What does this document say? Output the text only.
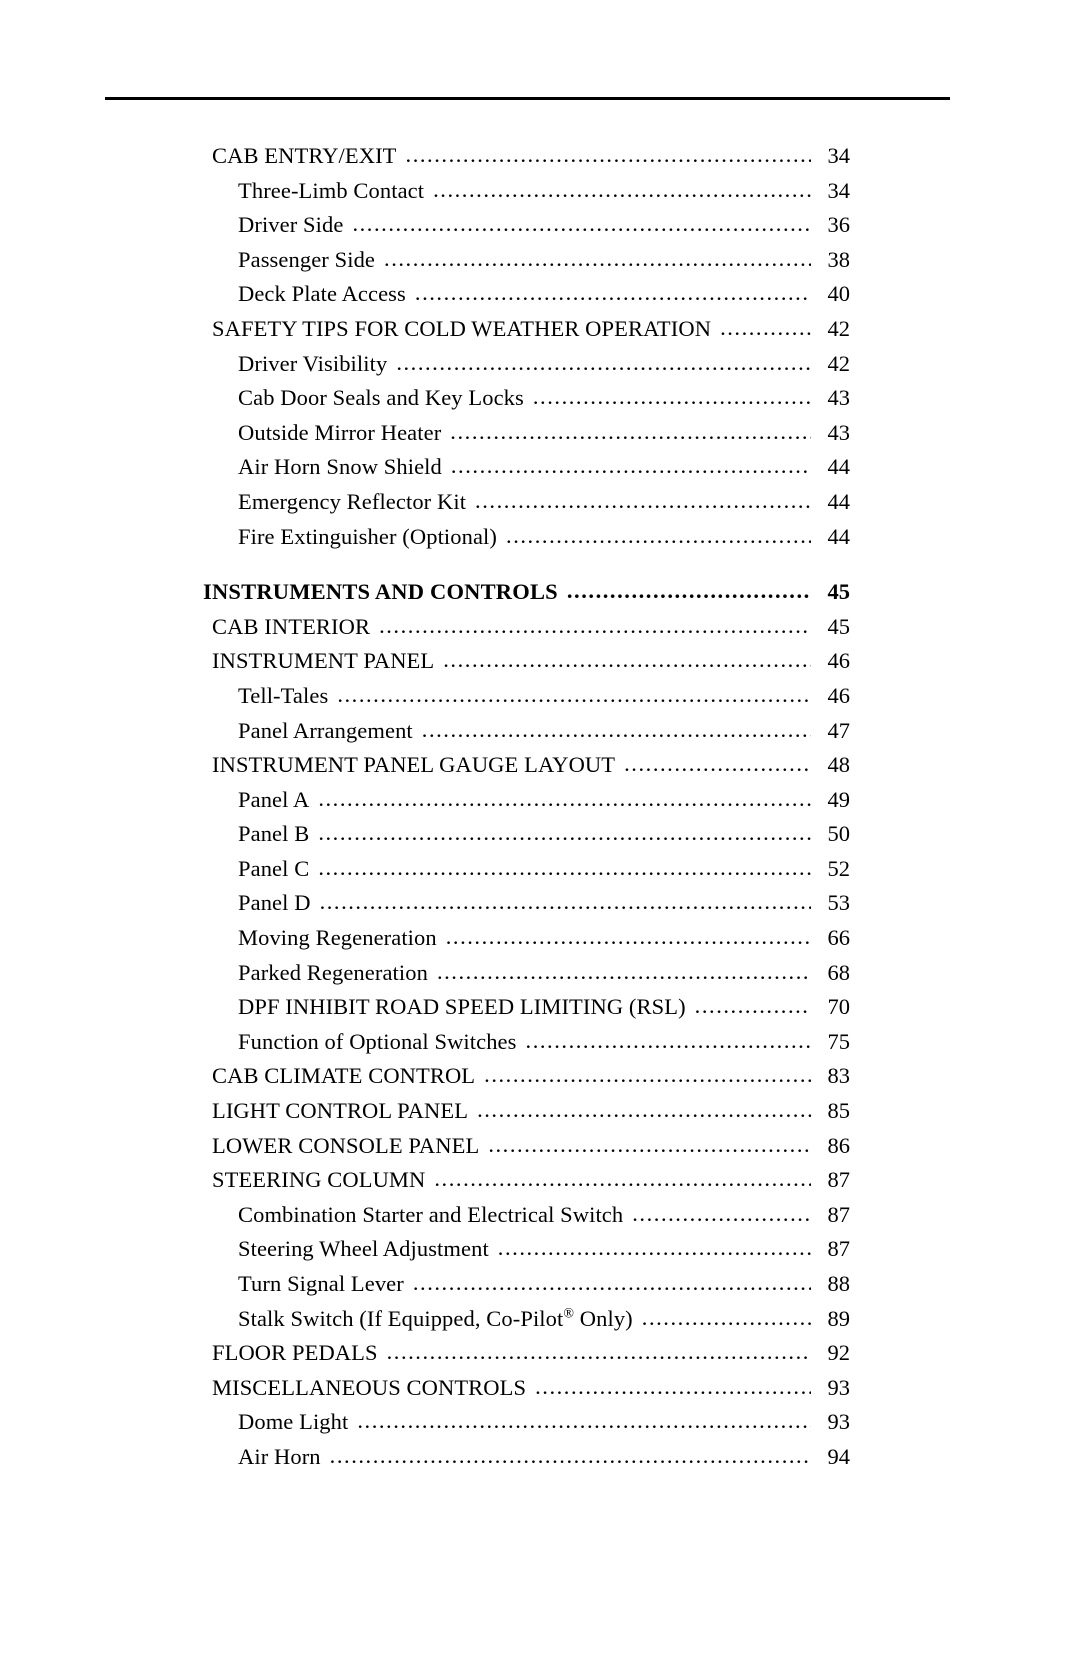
CAB ENTRY/EXIT .....	34
Three-Limb Contact .....	34
Driver Side .....	36
Passenger Side .....	38
Deck Plate Access .....	40
SAFETY TIPS FOR COLD WEATHER OPERATION .....	42
Driver Visibility .....	42
Cab Door Seals and Key Locks .....	43
Outside Mirror Heater .....	43
Air Horn Snow Shield .....	44
Emergency Reflector Kit .....	44
Fire Extinguisher (Optional) .....	44
INSTRUMENTS AND CONTROLS .....	45
CAB INTERIOR .....	45
INSTRUMENT PANEL .....	46
Tell-Tales .....	46
Panel Arrangement .....	47
INSTRUMENT PANEL GAUGE LAYOUT .....	48
Panel A .....	49
Panel B .....	50
Panel C .....	52
Panel D .....	53
Moving Regeneration .....	66
Parked Regeneration .....	68
DPF INHIBIT ROAD SPEED LIMITING (RSL) .....	70
Function of Optional Switches .....	75
CAB CLIMATE CONTROL .....	83
LIGHT CONTROL PANEL .....	85
LOWER CONSOLE PANEL .....	86
STEERING COLUMN .....	87
Combination Starter and Electrical Switch .....	87
Steering Wheel Adjustment .....	87
Turn Signal Lever .....	88
Stalk Switch (If Equipped, Co-Pilot® Only) .....	89
FLOOR PEDALS .....	92
MISCELLANEOUS CONTROLS .....	93
Dome Light .....	93
Air Horn .....	94
